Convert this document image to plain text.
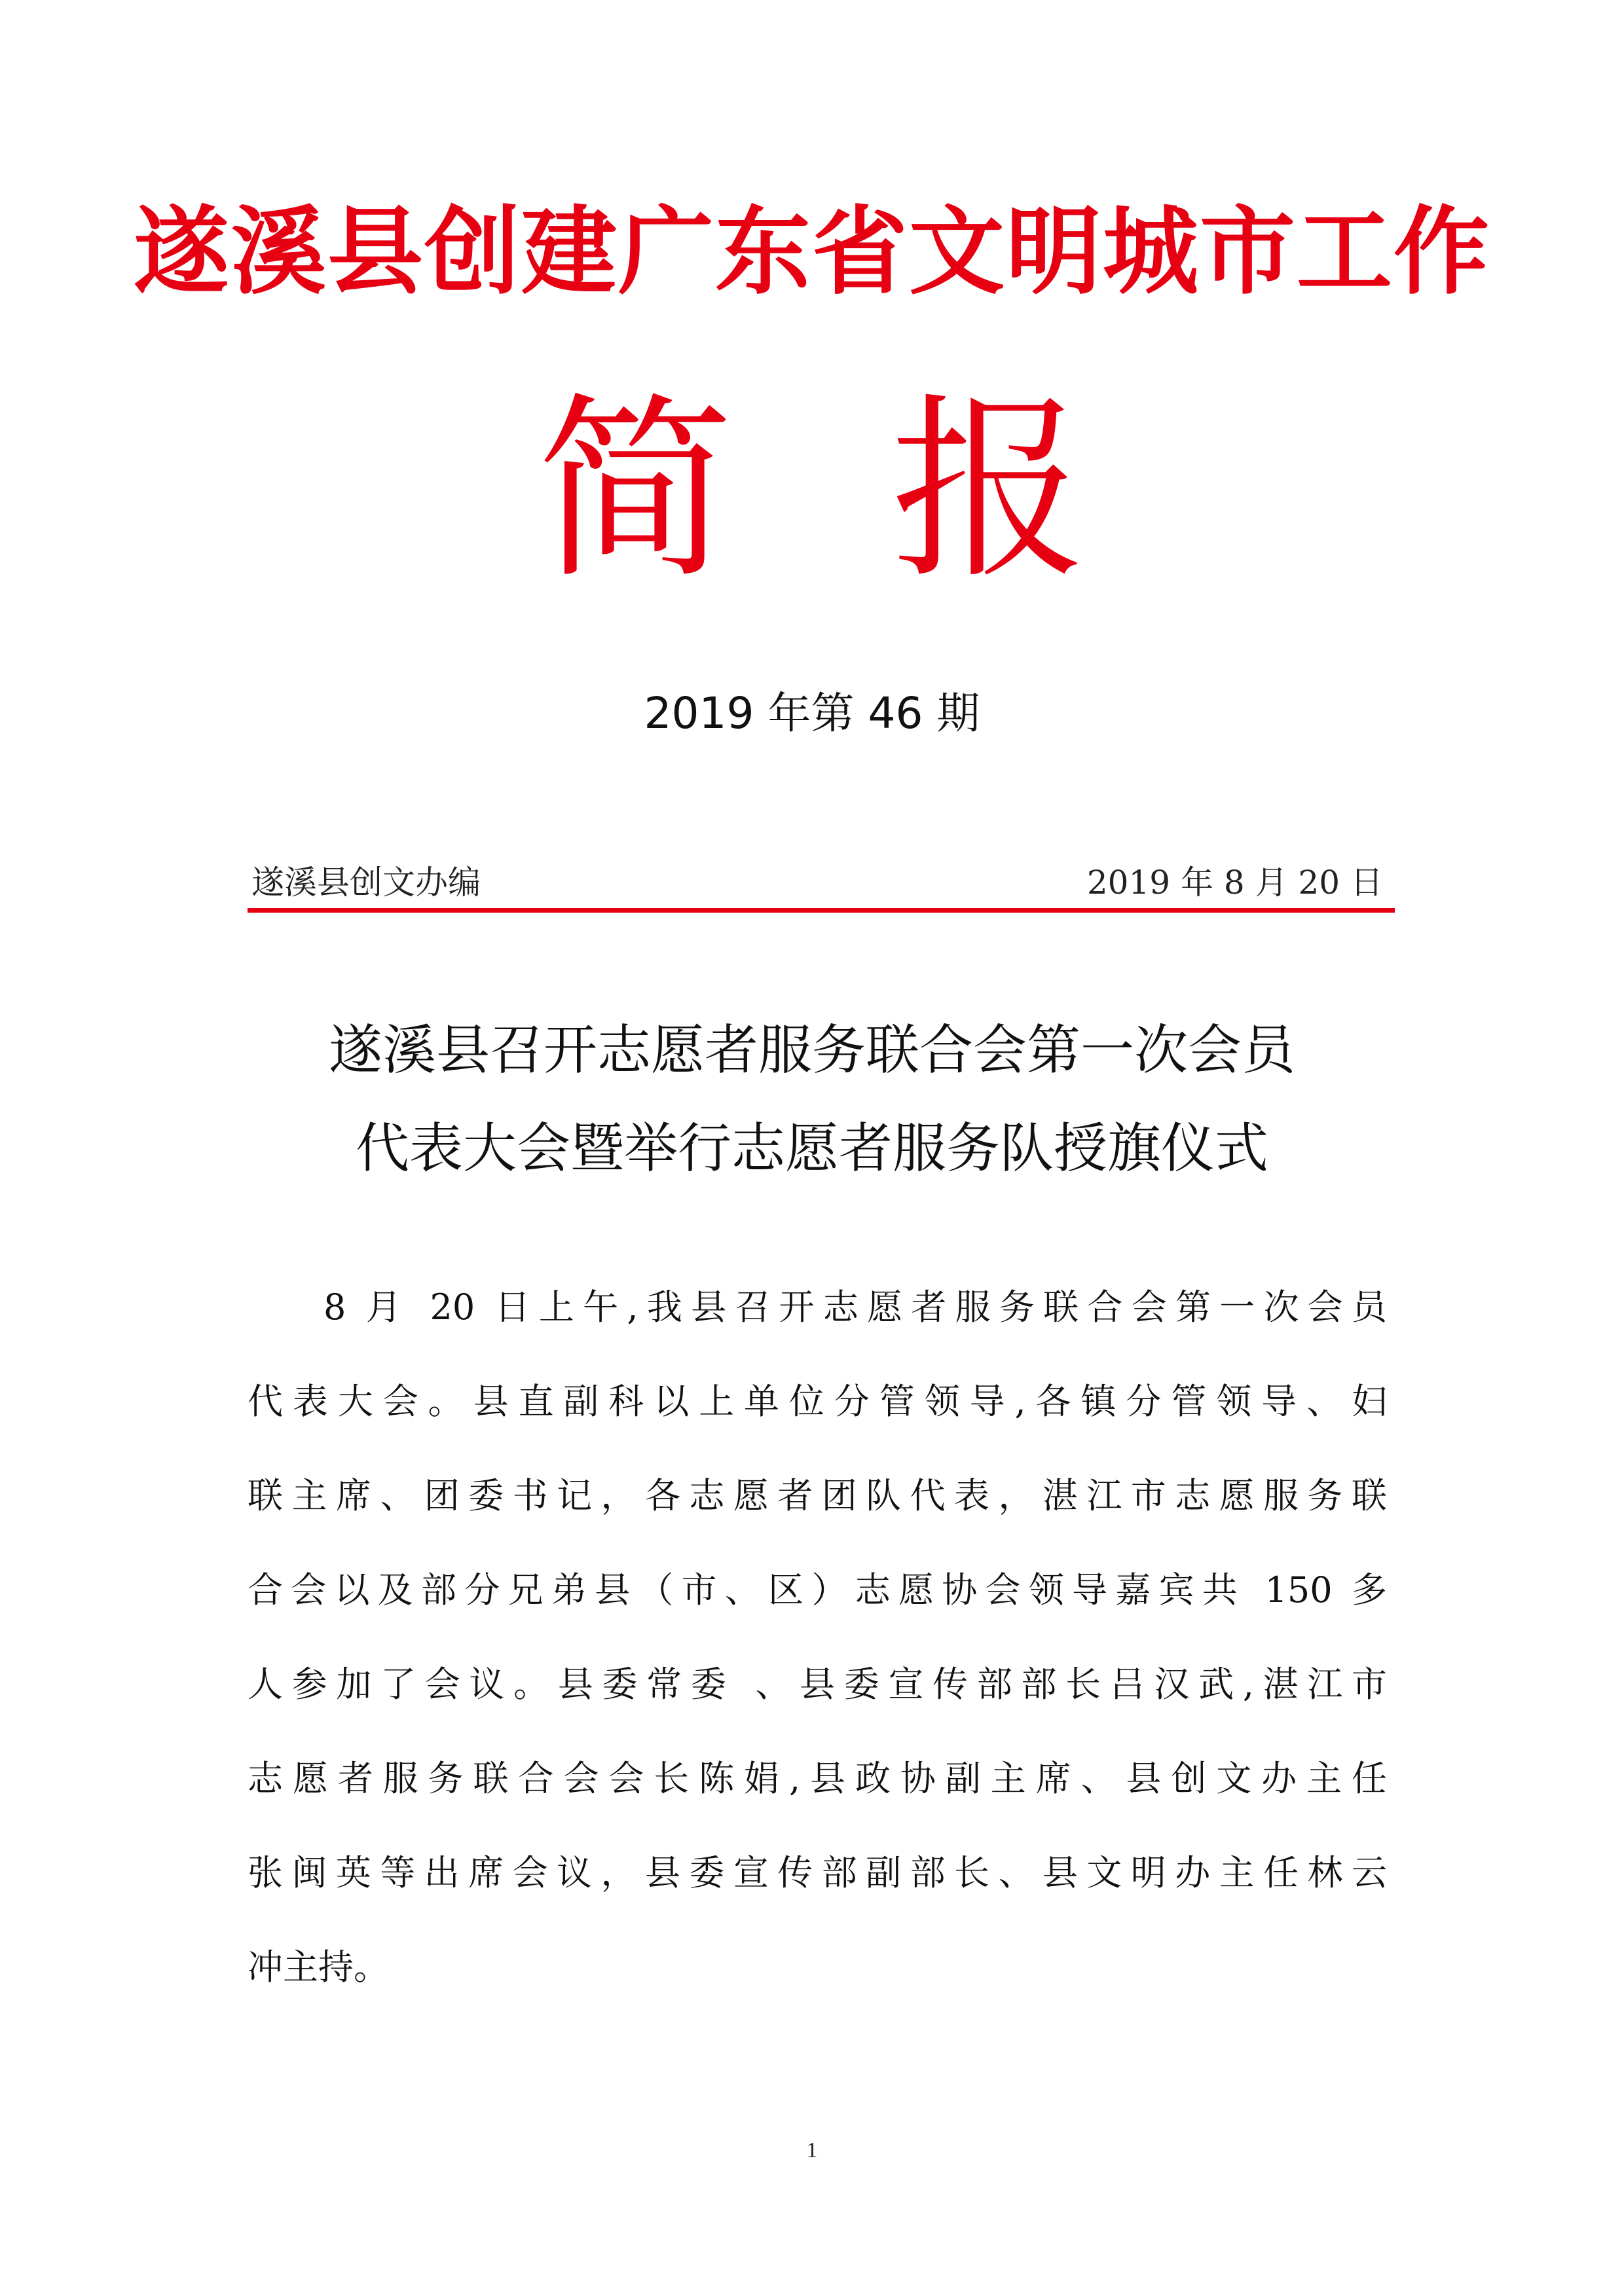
遂溪县创建广东省文明城市工作
简 报
2019 年第 46 期
遂溪县创文办编	2019 年 8 月 20 日
遂溪县召开志愿者服务联合会第一次会员
代表大会暨举行志愿者服务队授旗仪式
8 月 20 日上午,我县召开志愿者服务联合会第一次会员
代表大会。县直副科以上单位分管领导,各镇分管领导、妇
联主席、团委书记，各志愿者团队代表，湛江市志愿服务联
合会以及部分兄弟县（市、区）志愿协会领导嘉宾共 150 多
人参加了会议。县委常委 、县委宣传部部长吕汉武,湛江市
志愿者服务联合会会长陈娟,县政协副主席、县创文办主任
张闽英等出席会议，县委宣传部副部长、县文明办主任林云
冲主持。
1
